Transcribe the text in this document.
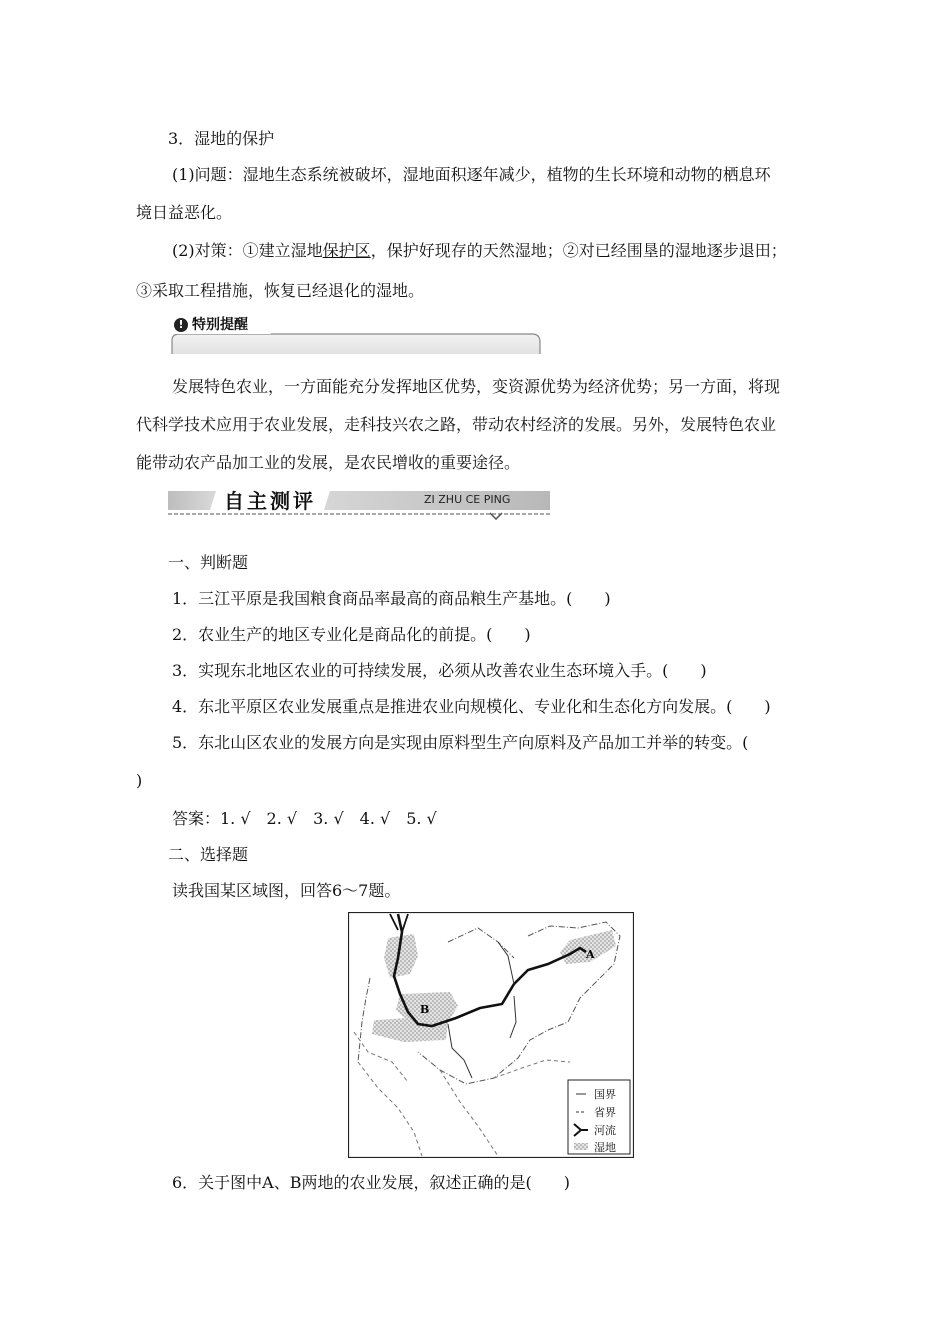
3．湿地的保护
(1)问题：湿地生态系统被破坏，湿地面积逐年减少，植物的生长环境和动物的栖息环
境日益恶化。
(2)对策：①建立湿地保护区，保护好现存的天然湿地；②对已经围垦的湿地逐步退田；
③采取工程措施，恢复已经退化的湿地。
! 特别提醒
发展特色农业，一方面能充分发挥地区优势，变资源优势为经济优势；另一方面，将现
代科学技术应用于农业发展，走科技兴农之路，带动农村经济的发展。另外，发展特色农业
能带动农产品加工业的发展，是农民增收的重要途径。
自主测评	ZI ZHU CE PING
一、判断题
1．三江平原是我国粮食商品率最高的商品粮生产基地。(　　)
2．农业生产的地区专业化是商品化的前提。(　　)
3．实现东北地区农业的可持续发展，必须从改善农业生态环境入手。(　　)
4．东北平原区农业发展重点是推进农业向规模化、专业化和生态化方向发展。(　　)
5．东北山区农业的发展方向是实现由原料型生产向原料及产品加工并举的转变。(
)
答案：1. √　2. √　3. √　4. √　5. √
二、选择题
读我国某区域图，回答6～7题。
A
B
国界
省界
河流
湿地
6．关于图中A、B两地的农业发展，叙述正确的是(　　)
